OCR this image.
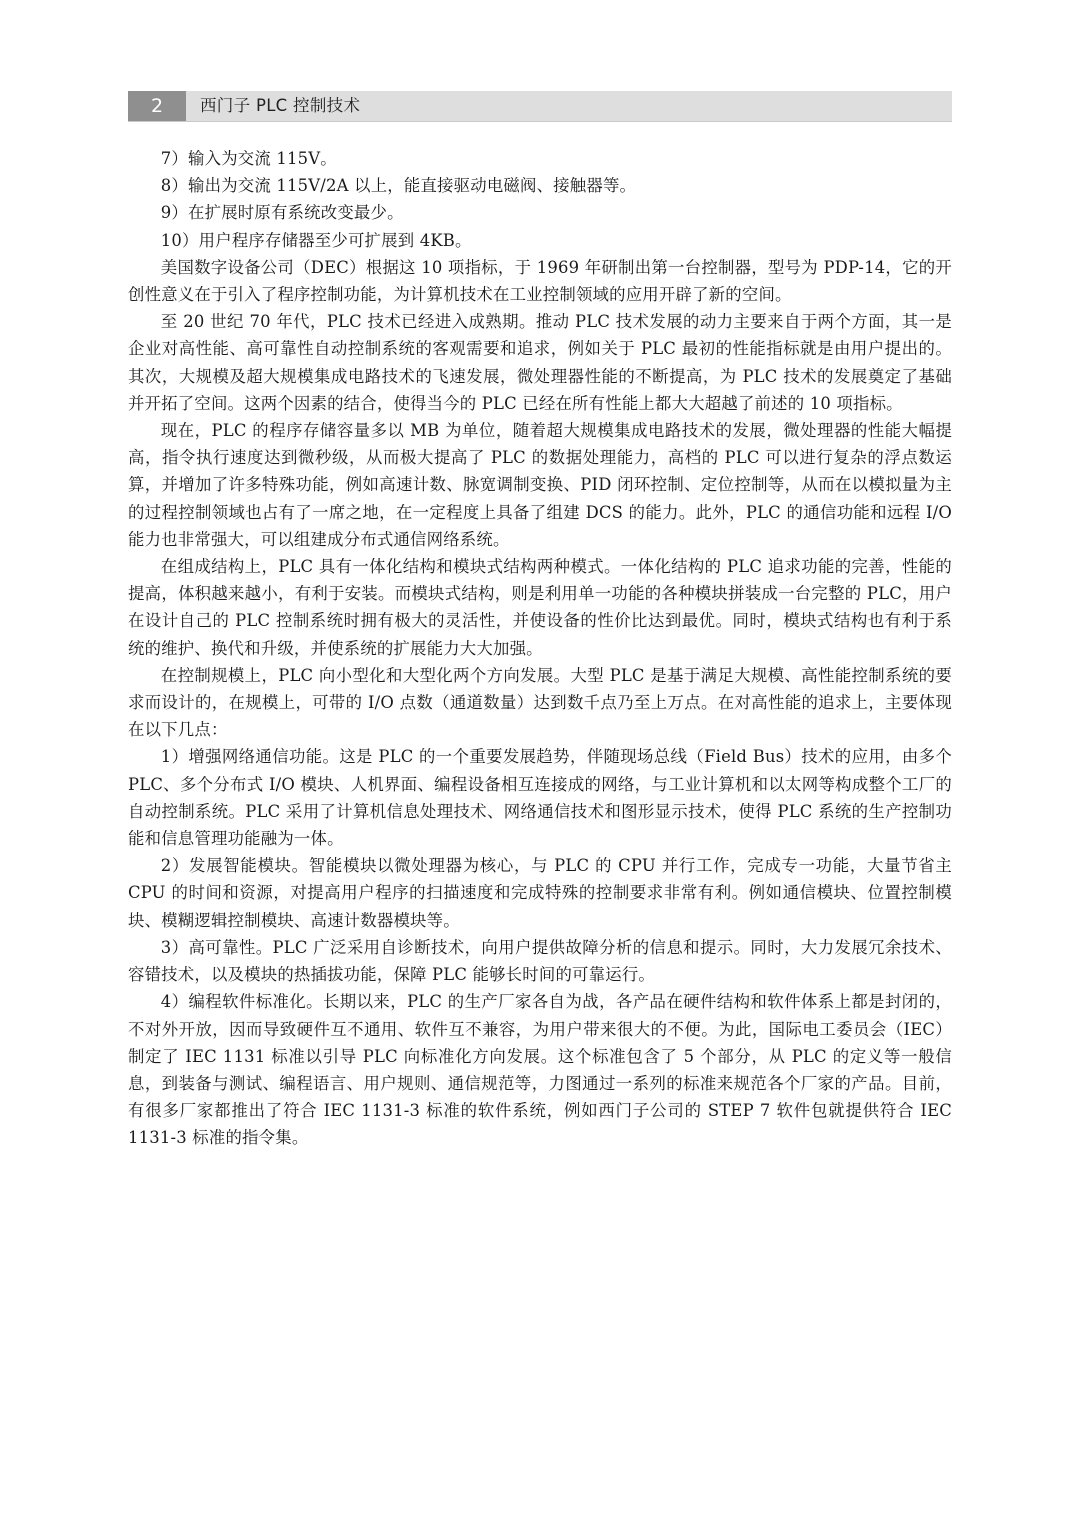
2	西门子 PLC 控制技术

7）输入为交流 115V。

8）输出为交流 115V/2A 以上，能直接驱动电磁阀、接触器等。

9）在扩展时原有系统改变最少。

10）用户程序存储器至少可扩展到 4KB。

美国数字设备公司（DEC）根据这 10 项指标，于 1969 年研制出第一台控制器，型号为 PDP-14，它的开创性意义在于引入了程序控制功能，为计算机技术在工业控制领域的应用开辟了新的空间。

至 20 世纪 70 年代，PLC 技术已经进入成熟期。推动 PLC 技术发展的动力主要来自于两个方面，其一是企业对高性能、高可靠性自动控制系统的客观需要和追求，例如关于 PLC 最初的性能指标就是由用户提出的。其次，大规模及超大规模集成电路技术的飞速发展，微处理器性能的不断提高，为 PLC 技术的发展奠定了基础并开拓了空间。这两个因素的结合，使得当今的 PLC 已经在所有性能上都大大超越了前述的 10 项指标。

现在，PLC 的程序存储容量多以 MB 为单位，随着超大规模集成电路技术的发展，微处理器的性能大幅提高，指令执行速度达到微秒级，从而极大提高了 PLC 的数据处理能力，高档的 PLC 可以进行复杂的浮点数运算，并增加了许多特殊功能，例如高速计数、脉宽调制变换、PID 闭环控制、定位控制等，从而在以模拟量为主的过程控制领域也占有了一席之地，在一定程度上具备了组建 DCS 的能力。此外，PLC 的通信功能和远程 I/O 能力也非常强大，可以组建成分布式通信网络系统。

在组成结构上，PLC 具有一体化结构和模块式结构两种模式。一体化结构的 PLC 追求功能的完善，性能的提高，体积越来越小，有利于安装。而模块式结构，则是利用单一功能的各种模块拼装成一台完整的 PLC，用户在设计自己的 PLC 控制系统时拥有极大的灵活性，并使设备的性价比达到最优。同时，模块式结构也有利于系统的维护、换代和升级，并使系统的扩展能力大大加强。

在控制规模上，PLC 向小型化和大型化两个方向发展。大型 PLC 是基于满足大规模、高性能控制系统的要求而设计的，在规模上，可带的 I/O 点数（通道数量）达到数千点乃至上万点。在对高性能的追求上，主要体现在以下几点：

1）增强网络通信功能。这是 PLC 的一个重要发展趋势，伴随现场总线（Field Bus）技术的应用，由多个 PLC、多个分布式 I/O 模块、人机界面、编程设备相互连接成的网络，与工业计算机和以太网等构成整个工厂的自动控制系统。PLC 采用了计算机信息处理技术、网络通信技术和图形显示技术，使得 PLC 系统的生产控制功能和信息管理功能融为一体。

2）发展智能模块。智能模块以微处理器为核心，与 PLC 的 CPU 并行工作，完成专一功能，大量节省主 CPU 的时间和资源，对提高用户程序的扫描速度和完成特殊的控制要求非常有利。例如通信模块、位置控制模块、模糊逻辑控制模块、高速计数器模块等。

3）高可靠性。PLC 广泛采用自诊断技术，向用户提供故障分析的信息和提示。同时，大力发展冗余技术、容错技术，以及模块的热插拔功能，保障 PLC 能够长时间的可靠运行。

4）编程软件标准化。长期以来，PLC 的生产厂家各自为战，各产品在硬件结构和软件体系上都是封闭的，不对外开放，因而导致硬件互不通用、软件互不兼容，为用户带来很大的不便。为此，国际电工委员会（IEC）制定了 IEC 1131 标准以引导 PLC 向标准化方向发展。这个标准包含了 5 个部分，从 PLC 的定义等一般信息，到装备与测试、编程语言、用户规则、通信规范等，力图通过一系列的标准来规范各个厂家的产品。目前，有很多厂家都推出了符合 IEC 1131-3 标准的软件系统，例如西门子公司的 STEP 7 软件包就提供符合 IEC 1131-3 标准的指令集。
